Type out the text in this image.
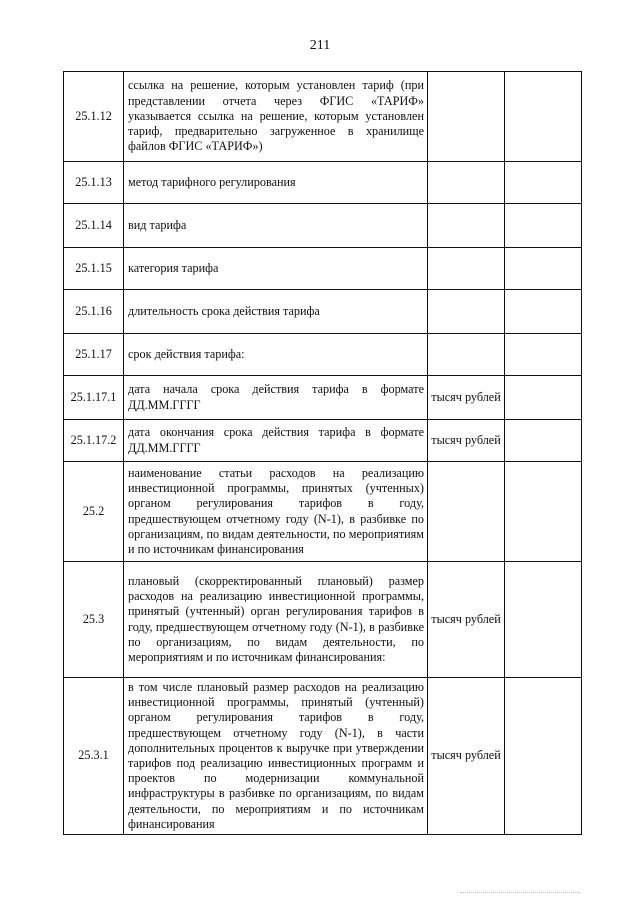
211
25.1.12	ссылка на решение, которым установлен тариф (при представлении отчета через ФГИС «ТАРИФ» указывается ссылка на решение, которым установлен тариф, предварительно загруженное в хранилище файлов ФГИС «ТАРИФ»)		
25.1.13	метод тарифного регулирования		
25.1.14	вид тарифа		
25.1.15	категория тарифа		
25.1.16	длительность срока действия тарифа		
25.1.17	срок действия тарифа:		
25.1.17.1	дата начала срока действия тарифа в формате ДД.ММ.ГГГГ	тысяч рублей	
25.1.17.2	дата окончания срока действия тарифа в формате ДД.ММ.ГГГГ	тысяч рублей	
25.2	наименование статьи расходов на реализацию инвестиционной программы, принятых (учтенных) органом регулирования тарифов в году, предшествующем отчетному году (N-1), в разбивке по организациям, по видам деятельности, по мероприятиям и по источникам финансирования		
25.3	плановый (скорректированный плановый) размер расходов на реализацию инвестиционной программы, принятый (учтенный) орган регулирования тарифов в году, предшествующем отчетному году (N-1), в разбивке по организациям, по видам деятельности, по мероприятиям и по источникам финансирования:	тысяч рублей	
25.3.1	в том числе плановый размер расходов на реализацию инвестиционной программы, принятый (учтенный) органом регулирования тарифов в году, предшествующем отчетному году (N-1), в части дополнительных процентов к выручке при утверждении тарифов под реализацию инвестиционных программ и проектов по модернизации коммунальной инфраструктуры в разбивке по организациям, по видам деятельности, по мероприятиям и по источникам финансирования	тысяч рублей	
